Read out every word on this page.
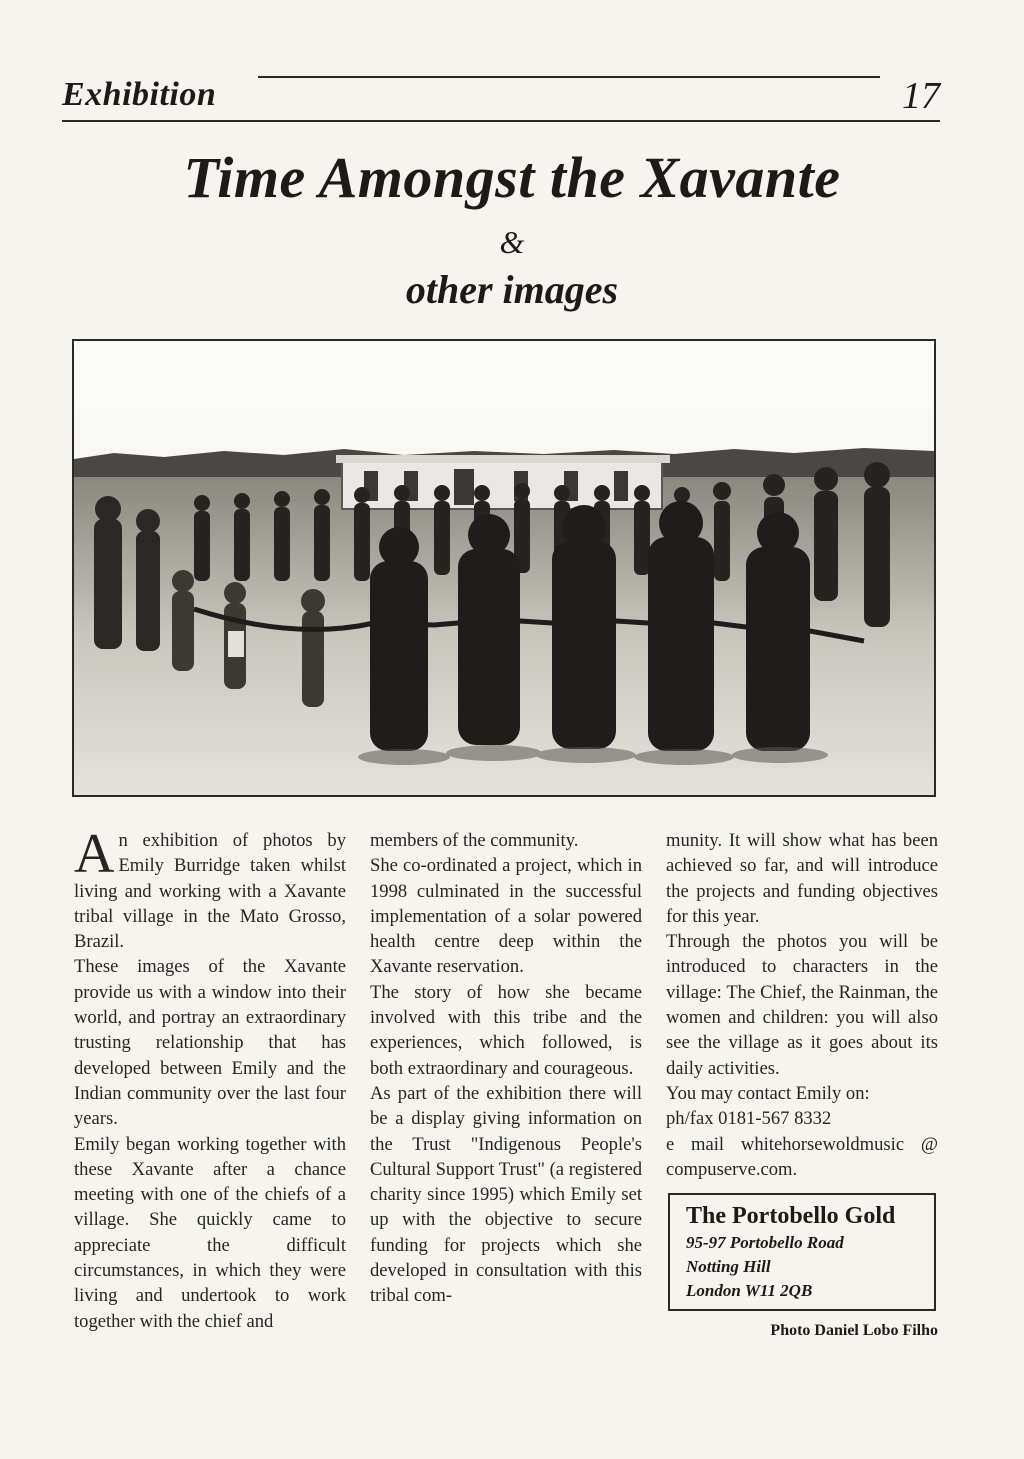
Exhibition	17
Time Amongst the Xavante
&
other images

An exhibition of photos by Emily Burridge taken whilst living and working with a Xavante tribal village in the Mato Grosso, Brazil.

These images of the Xavante provide us with a window into their world, and portray an extraordinary trusting relationship that has developed between Emily and the Indian community over the last four years.

Emily began working together with these Xavante after a chance meeting with one of the chiefs of a village. She quickly came to appreciate the difficult circumstances, in which they were living and undertook to work together with the chief and

members of the community.

She co-ordinated a project, which in 1998 culminated in the successful implementation of a solar powered health centre deep within the Xavante reservation.

The story of how she became involved with this tribe and the experiences, which followed, is both extraordinary and courageous.

As part of the exhibition there will be a display giving information on the Trust "Indigenous People's Cultural Support Trust" (a registered charity since 1995) which Emily set up with the objective to secure funding for projects which she developed in consultation with this tribal com-

munity. It will show what has been achieved so far, and will introduce the projects and funding objectives for this year.

Through the photos you will be introduced to characters in the village: The Chief, the Rainman, the women and children: you will also see the village as it goes about its daily activities.

You may contact Emily on:

ph/fax 0181-567 8332

e mail whitehorsewoldmusic @ compuserve.com.

The Portobello Gold
95-97 Portobello Road
Notting Hill
London W11 2QB
Photo Daniel Lobo Filho
